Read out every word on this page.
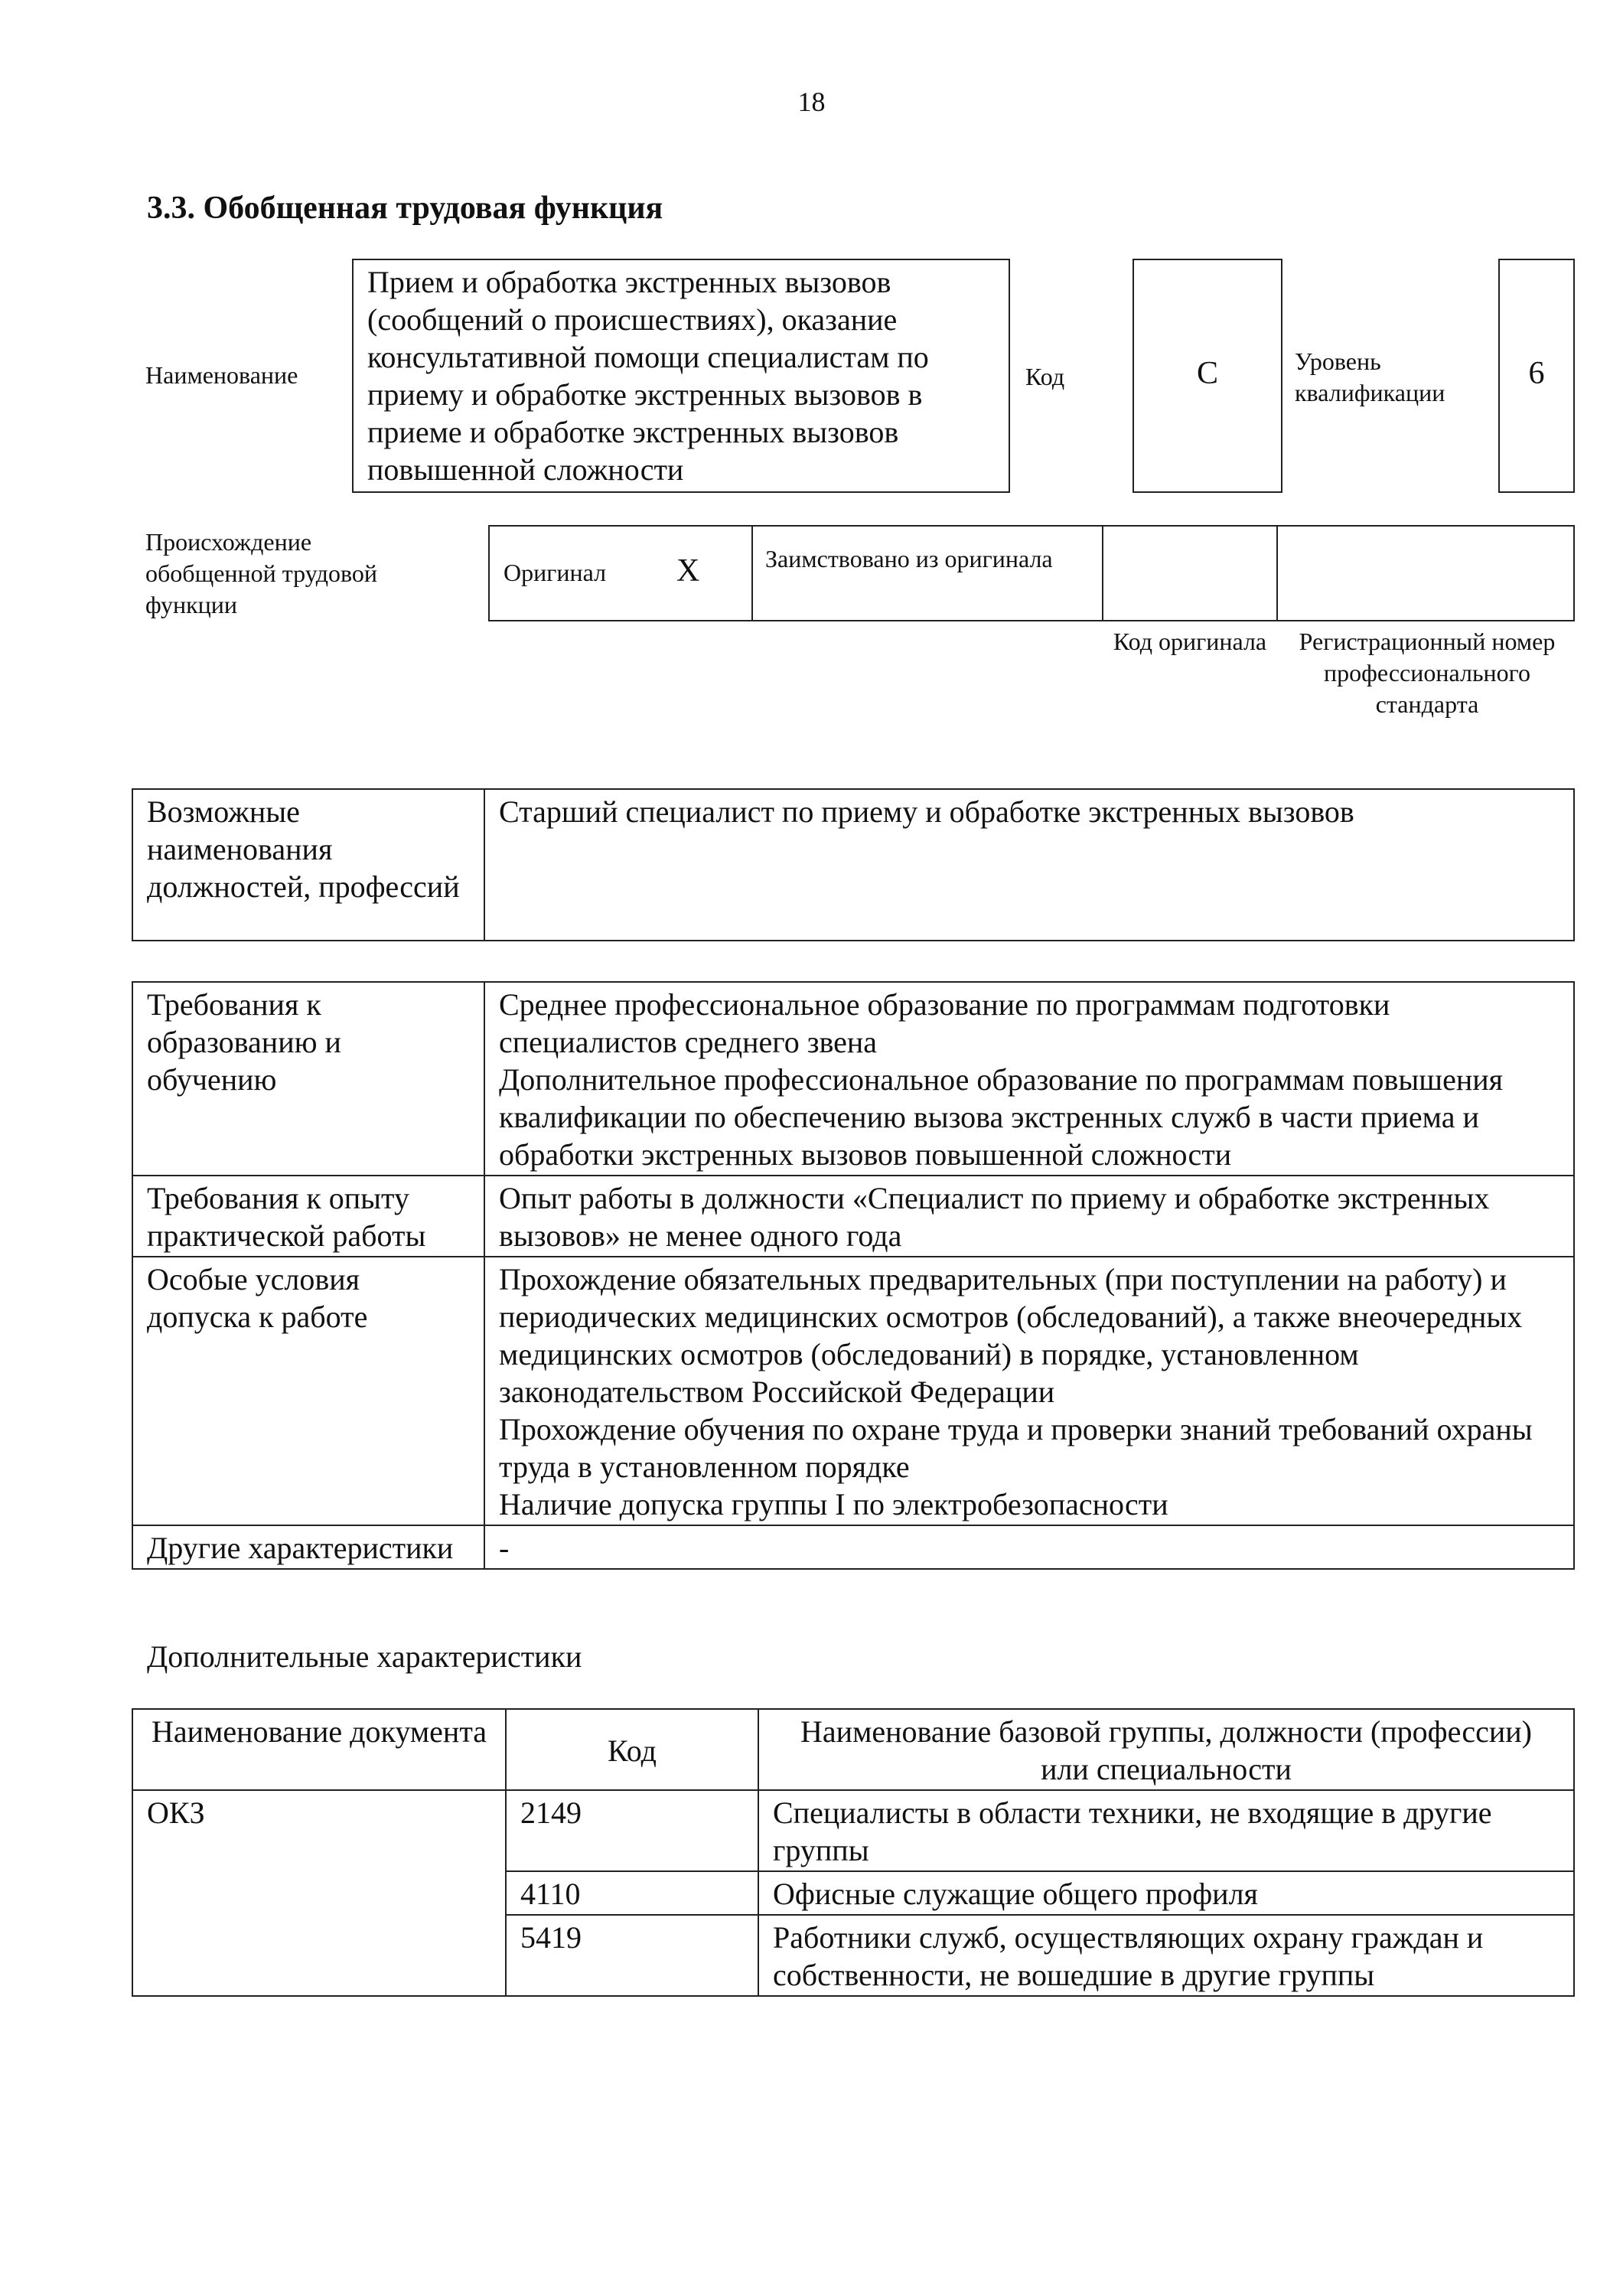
18
3.3. Обобщенная трудовая функция
Наименование
Прием и обработка экстренных вызовов (сообщений о происшествиях), оказание консультативной помощи специалистам по приему и обработке экстренных вызовов в приеме и обработке экстренных вызовов повышенной сложности
Код	C	Уровень квалификации
6
Происхождение обобщенной трудовой функции
Оригинал X	Заимствовано из оригинала
Код оригинала	Регистрационный номер профессионального стандарта
Возможные наименования должностей, профессий	Старший специалист по приему и обработке экстренных вызовов
Требования к образованию и обучению	Среднее профессиональное образование по программам подготовки специалистов среднего звена
Дополнительное профессиональное образование по программам повышения квалификации по обеспечению вызова экстренных служб в части приема и обработки экстренных вызовов повышенной сложности

Требования к опыту практической работы	Опыт работы в должности «Специалист по приему и обработке экстренных вызовов» не менее одного года

Особые условия допуска к работе	Прохождение обязательных предварительных (при поступлении на работу) и периодических медицинских осмотров (обследований), а также внеочередных медицинских осмотров (обследований) в порядке, установленном законодательством Российской Федерации
Прохождение обучения по охране труда и проверки знаний требований охраны труда в установленном порядке
Наличие допуска группы I по электробезопасности

Другие характеристики	-
Дополнительные характеристики
Наименование документа	Код	Наименование базовой группы, должности (профессии) или специальности
ОКЗ	2149	Специалисты в области техники, не входящие в другие группы
	4110	Офисные служащие общего профиля
	5419	Работники служб, осуществляющих охрану граждан и собственности, не вошедшие в другие группы
